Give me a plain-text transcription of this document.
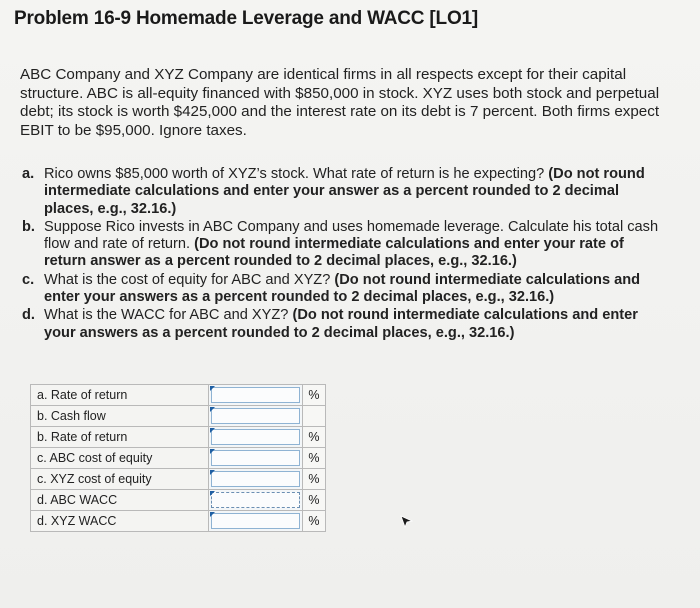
Problem 16-9 Homemade Leverage and WACC [LO1]
ABC Company and XYZ Company are identical firms in all respects except for their capital structure. ABC is all-equity financed with $850,000 in stock. XYZ uses both stock and perpetual debt; its stock is worth $425,000 and the interest rate on its debt is 7 percent. Both firms expect EBIT to be $95,000. Ignore taxes.
a. Rico owns $85,000 worth of XYZ’s stock. What rate of return is he expecting? (Do not round intermediate calculations and enter your answer as a percent rounded to 2 decimal places, e.g., 32.16.)
b. Suppose Rico invests in ABC Company and uses homemade leverage. Calculate his total cash flow and rate of return. (Do not round intermediate calculations and enter your rate of return answer as a percent rounded to 2 decimal places, e.g., 32.16.)
c. What is the cost of equity for ABC and XYZ? (Do not round intermediate calculations and enter your answers as a percent rounded to 2 decimal places, e.g., 32.16.)
d. What is the WACC for ABC and XYZ? (Do not round intermediate calculations and enter your answers as a percent rounded to 2 decimal places, e.g., 32.16.)
a. Rate of return		%
b. Cash flow	

b. Rate of return		%
c. ABC cost of equity		%
c. XYZ cost of equity		%
d. ABC WACC		%
d. XYZ WACC		%
